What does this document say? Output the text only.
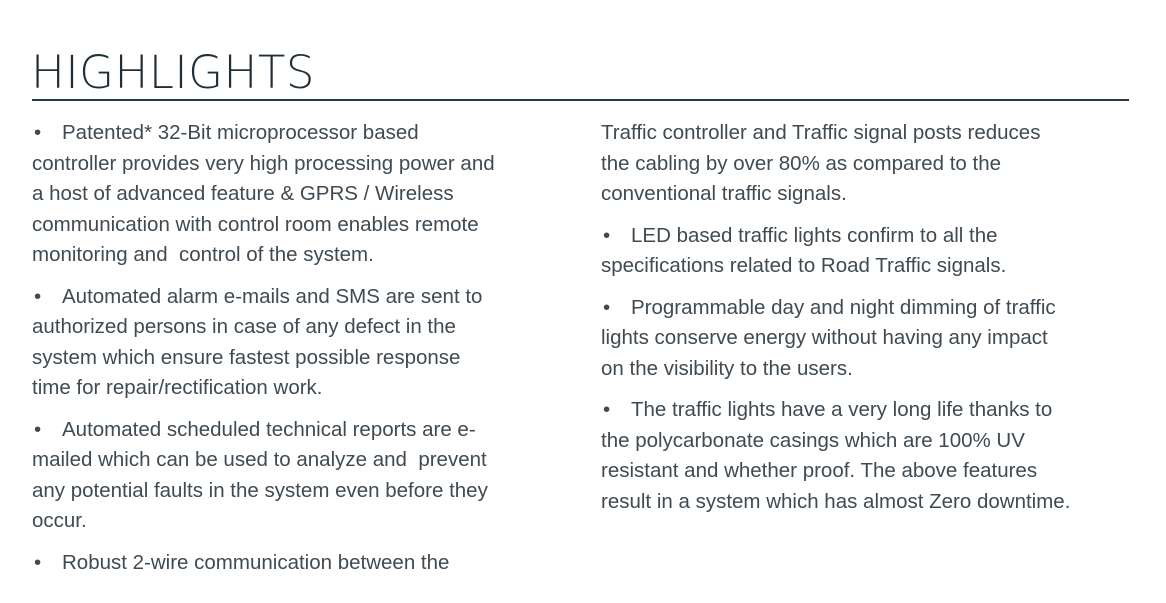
HIGHLIGHTS
• Patented* 32-Bit microprocessor based
controller provides very high processing power and
a host of advanced feature & GPRS / Wireless
communication with control room enables remote
monitoring and  control of the system.
• Automated alarm e-mails and SMS are sent to
authorized persons in case of any defect in the
system which ensure fastest possible response
time for repair/rectification work.
• Automated scheduled technical reports are e-
mailed which can be used to analyze and  prevent
any potential faults in the system even before they
occur.
• Robust 2-wire communication between the
Traffic controller and Traffic signal posts reduces
the cabling by over 80% as compared to the
conventional traffic signals.
• LED based traffic lights confirm to all the
specifications related to Road Traffic signals.
• Programmable day and night dimming of traffic
lights conserve energy without having any impact
on the visibility to the users.
• The traffic lights have a very long life thanks to
the polycarbonate casings which are 100% UV
resistant and whether proof. The above features
result in a system which has almost Zero downtime.
